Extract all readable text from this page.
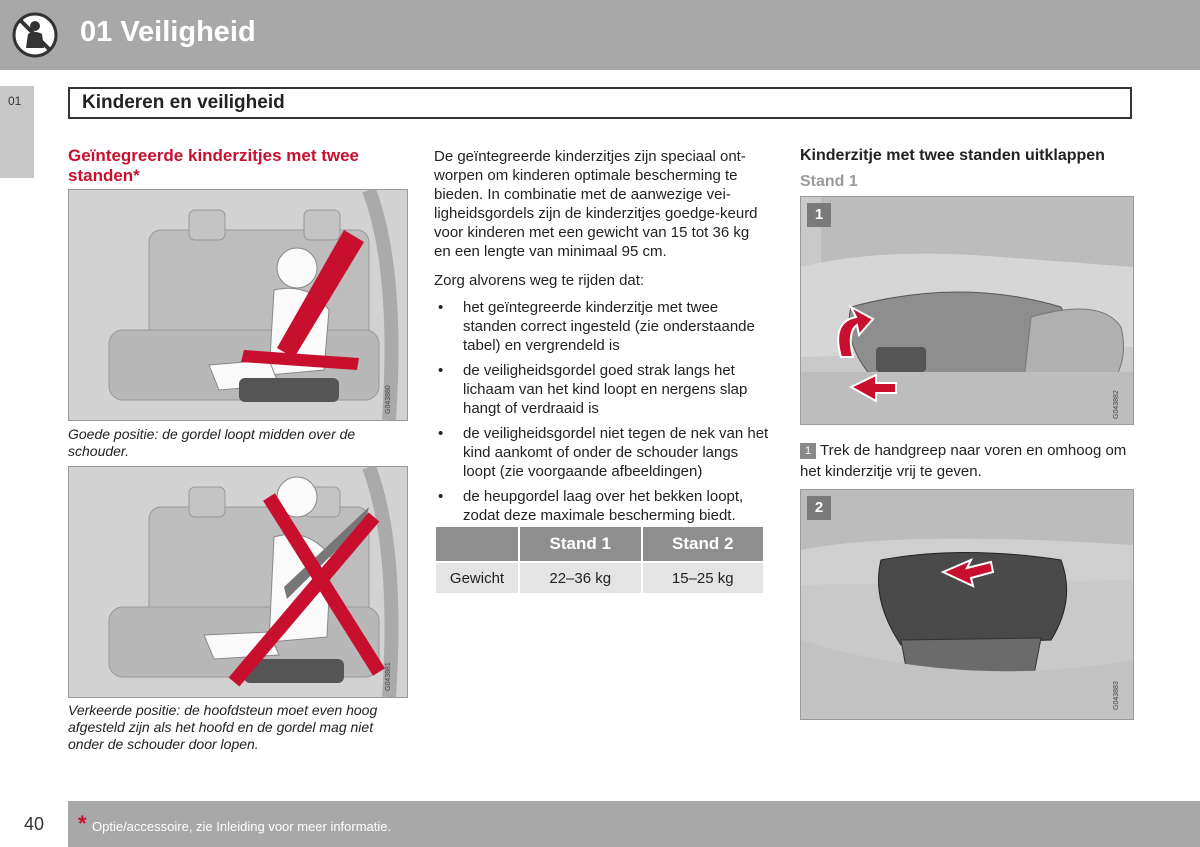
01 Veiligheid
01	Kinderen en veiligheid
Geïntegreerde kinderzitjes met twee standen*
G043880
Goede positie: de gordel loopt midden over de schouder.
G043881
Verkeerde positie: de hoofdsteun moet even hoog afgesteld zijn als het hoofd en de gordel mag niet onder de schouder door lopen.
De geïntegreerde kinderzitjes zijn speciaal ont-worpen om kinderen optimale bescherming te bieden. In combinatie met de aanwezige vei-ligheidsgordels zijn de kinderzitjes goedge-keurd voor kinderen met een gewicht van 15 tot 36 kg en een lengte van minimaal 95 cm.
Zorg alvorens weg te rijden dat:
• het geïntegreerde kinderzitje met twee standen correct ingesteld (zie onderstaande tabel) en vergrendeld is
• de veiligheidsgordel goed strak langs het lichaam van het kind loopt en nergens slap hangt of verdraaid is
• de veiligheidsgordel niet tegen de nek van het kind aankomt of onder de schouder langs loopt (zie voorgaande afbeeldingen)
• de heupgordel laag over het bekken loopt, zodat deze maximale bescherming biedt.
	Stand 1	Stand 2
Gewicht	22–36 kg	15–25 kg
Kinderzitje met twee standen uitklappen
Stand 1
1
G043882
1 Trek de handgreep naar voren en omhoog om het kinderzitje vrij te geven.
2
G043883
40 * Optie/accessoire, zie Inleiding voor meer informatie.
